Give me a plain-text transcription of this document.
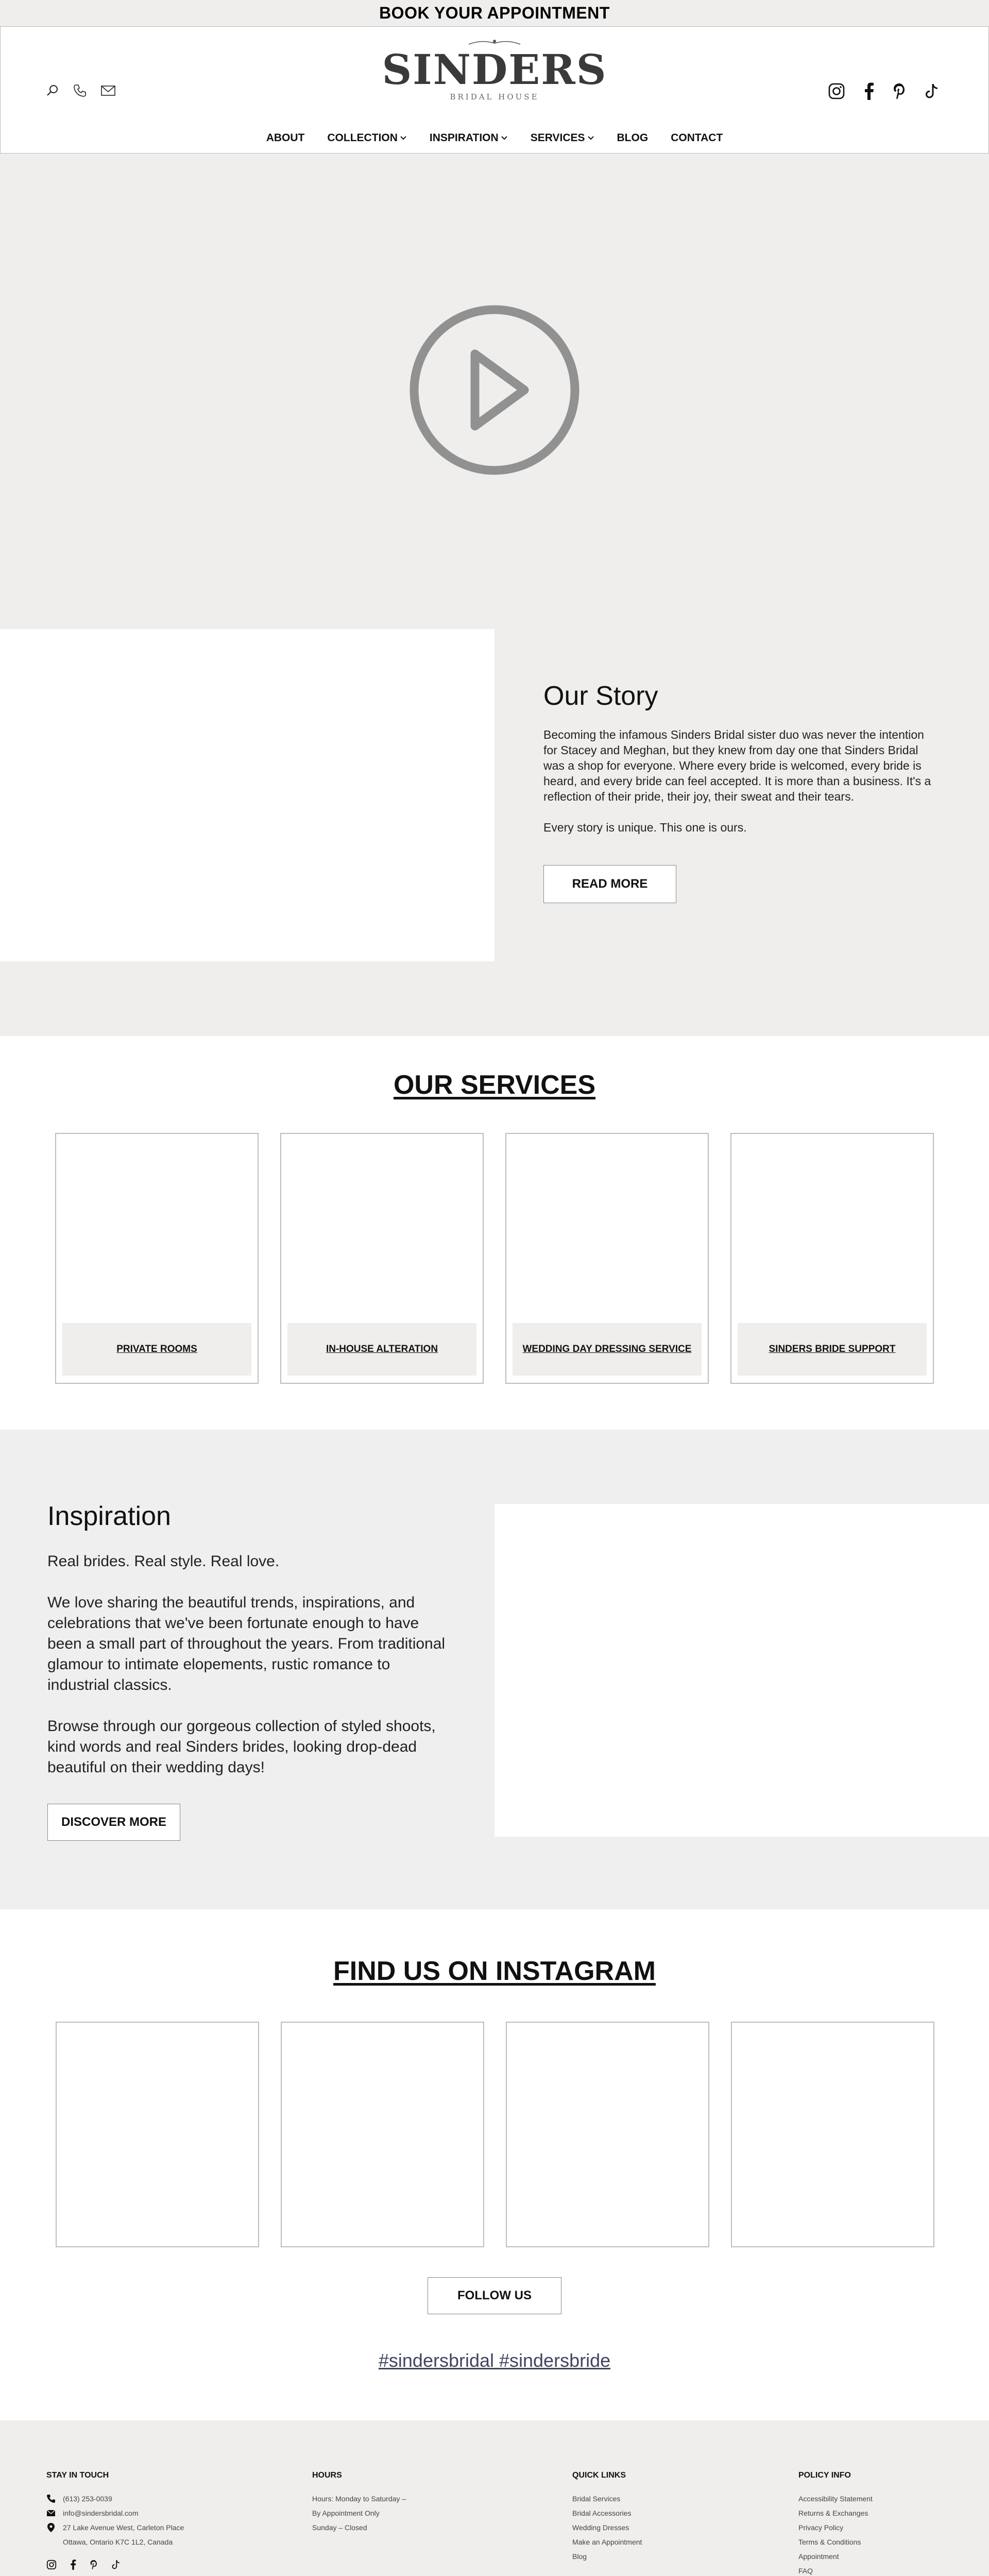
BOOK YOUR APPOINTMENT
SINDERS
BRIDAL HOUSE
ABOUT COLLECTION	INSPIRATION	SERVICES	BLOG CONTACT
Our Story

Becoming the infamous Sinders Bridal sister duo was never the intention for Stacey and Meghan, but they knew from day one that Sinders Bridal was a shop for everyone. Where every bride is welcomed, every bride is heard, and every bride can feel accepted. It is more than a business. It's a reflection of their pride, their joy, their sweat and their tears.

Every story is unique. This one is ours.

READ MORE
OUR SERVICES
PRIVATE ROOMS	IN-HOUSE ALTERATION	WEDDING DAY DRESSING SERVICE	SINDERS BRIDE SUPPORT
Inspiration

Real brides. Real style. Real love.

We love sharing the beautiful trends, inspirations, and celebrations that we've been fortunate enough to have been a small part of throughout the years. From traditional glamour to intimate elopements, rustic romance to industrial classics.

Browse through our gorgeous collection of styled shoots, kind words and real Sinders brides, looking drop-dead beautiful on their wedding days!

DISCOVER MORE
FIND US ON INSTAGRAM
FOLLOW US
#sindersbridal #sindersbride
STAY IN TOUCH
(613) 253-0039
info@sindersbridal.com
27 Lake Avenue West, Carleton Place
Ottawa, Ontario K7C 1L2, Canada
HOURS
Hours: Monday to Saturday –
By Appointment Only
Sunday – Closed
QUICK LINKS
Bridal Services
Bridal Accessories
Wedding Dresses
Make an Appointment
Blog
POLICY INFO
Accessibility Statement
Returns & Exchanges
Privacy Policy
Terms & Conditions
Appointment
FAQ
